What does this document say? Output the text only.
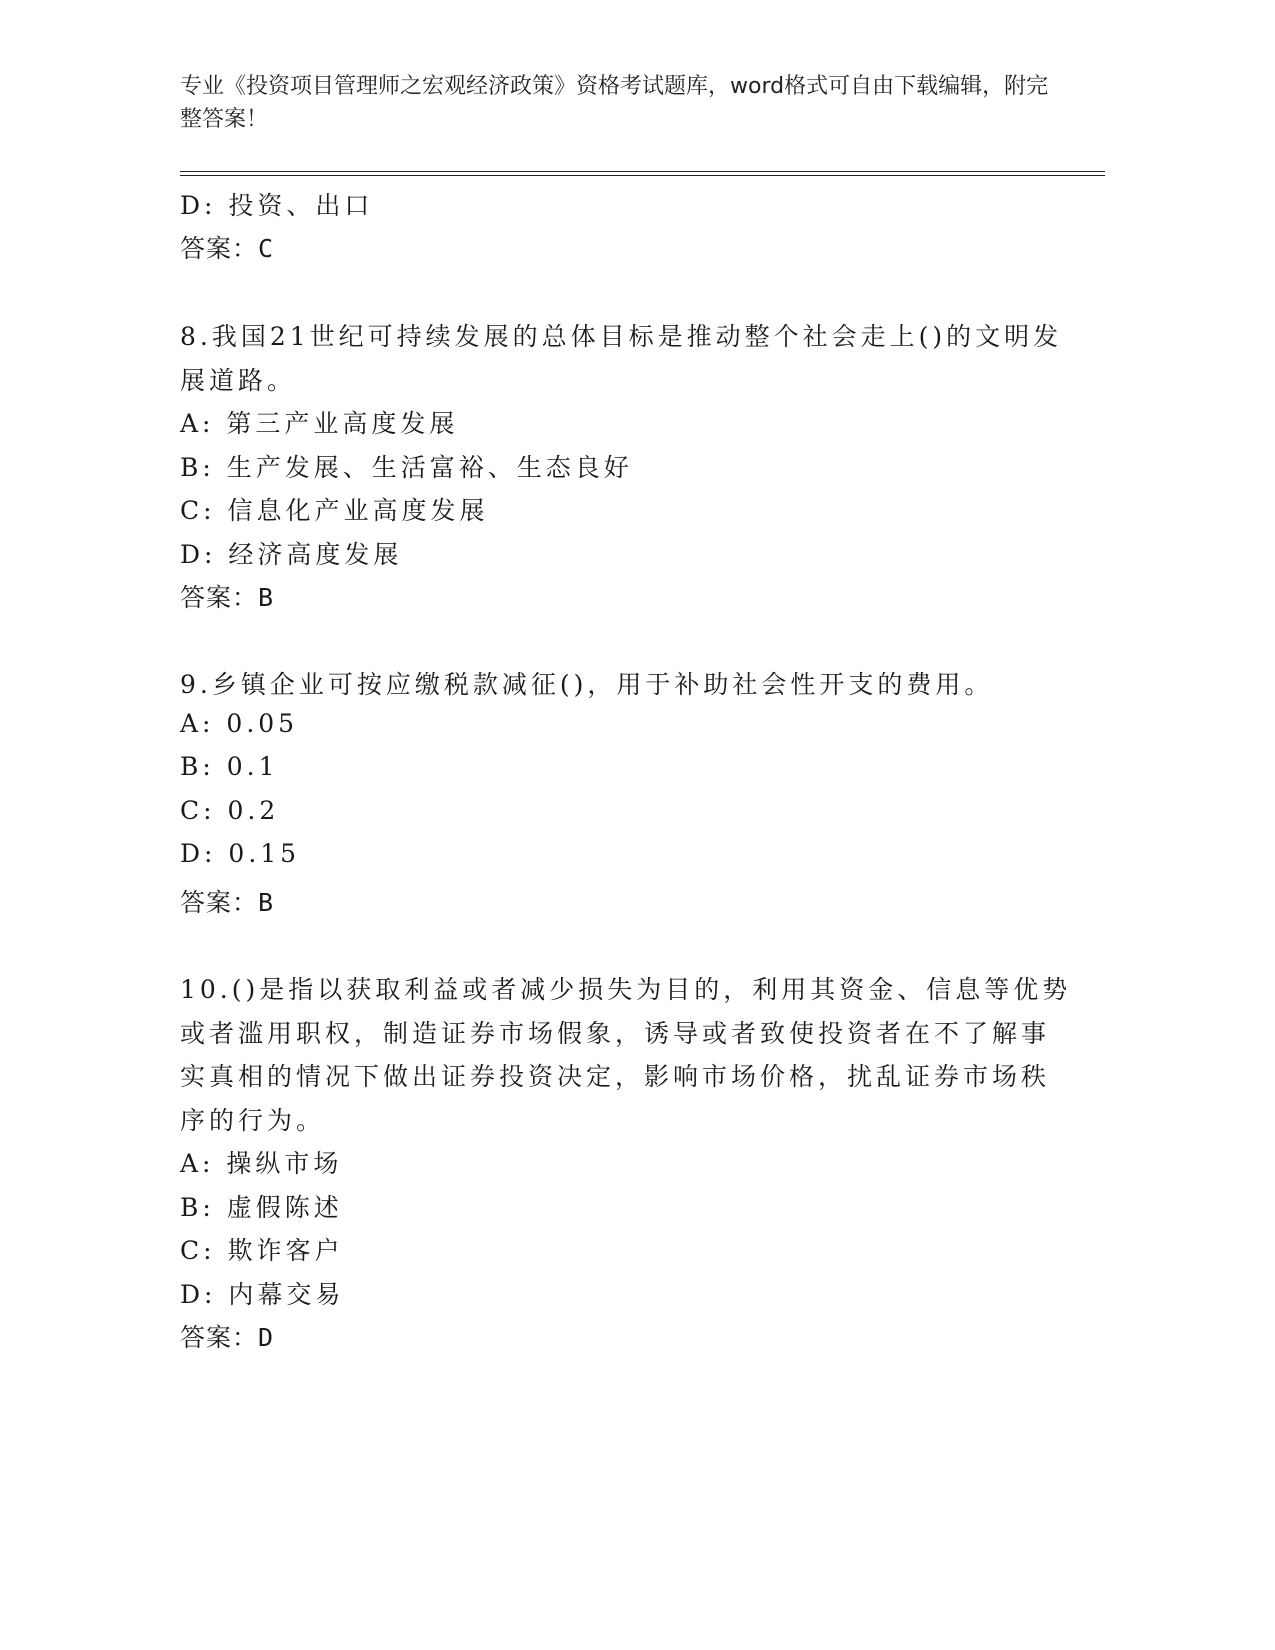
专业《投资项目管理师之宏观经济政策》资格考试题库，word格式可自由下载编辑，附完整答案！
D: 投资、出口
答案：C
8.我国21世纪可持续发展的总体目标是推动整个社会走上()的文明发
展道路。
A: 第三产业高度发展
B: 生产发展、生活富裕、生态良好
C: 信息化产业高度发展
D: 经济高度发展
答案：B
9.乡镇企业可按应缴税款减征()，用于补助社会性开支的费用。
A: 0.05
B: 0.1
C: 0.2
D: 0.15
答案：B
10.()是指以获取利益或者减少损失为目的，利用其资金、信息等优势
或者滥用职权，制造证券市场假象，诱导或者致使投资者在不了解事
实真相的情况下做出证券投资决定，影响市场价格，扰乱证券市场秩
序的行为。
A: 操纵市场
B: 虚假陈述
C: 欺诈客户
D: 内幕交易
答案：D
